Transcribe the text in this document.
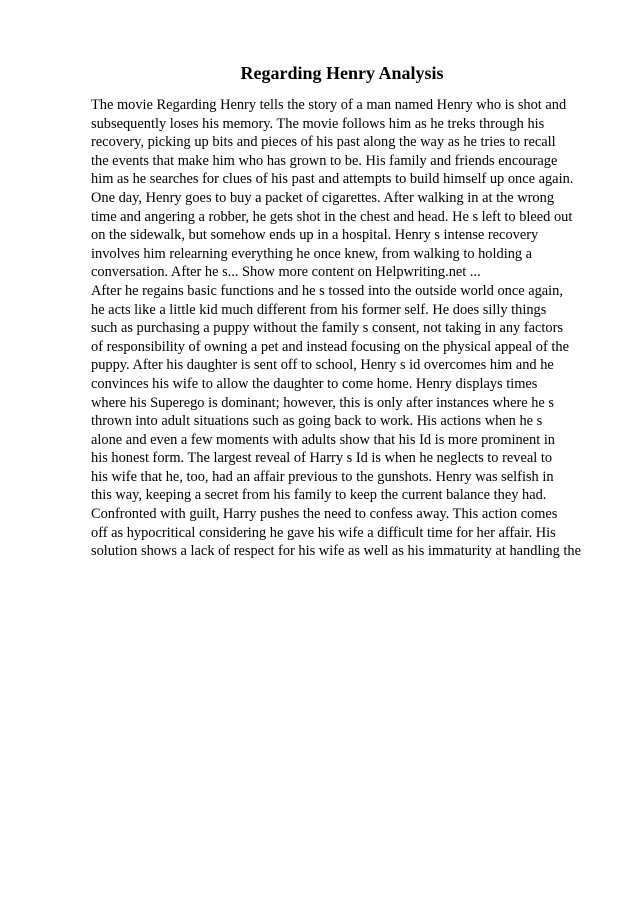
Regarding Henry Analysis
The movie Regarding Henry tells the story of a man named Henry who is shot and
subsequently loses his memory. The movie follows him as he treks through his
recovery, picking up bits and pieces of his past along the way as he tries to recall
the events that make him who has grown to be. His family and friends encourage
him as he searches for clues of his past and attempts to build himself up once again.
One day, Henry goes to buy a packet of cigarettes. After walking in at the wrong
time and angering a robber, he gets shot in the chest and head. He s left to bleed out
on the sidewalk, but somehow ends up in a hospital. Henry s intense recovery
involves him relearning everything he once knew, from walking to holding a
conversation. After he s... Show more content on Helpwriting.net ...
After he regains basic functions and he s tossed into the outside world once again,
he acts like a little kid much different from his former self. He does silly things
such as purchasing a puppy without the family s consent, not taking in any factors
of responsibility of owning a pet and instead focusing on the physical appeal of the
puppy. After his daughter is sent off to school, Henry s id overcomes him and he
convinces his wife to allow the daughter to come home. Henry displays times
where his Superego is dominant; however, this is only after instances where he s
thrown into adult situations such as going back to work. His actions when he s
alone and even a few moments with adults show that his Id is more prominent in
his honest form. The largest reveal of Harry s Id is when he neglects to reveal to
his wife that he, too, had an affair previous to the gunshots. Henry was selfish in
this way, keeping a secret from his family to keep the current balance they had.
Confronted with guilt, Harry pushes the need to confess away. This action comes
off as hypocritical considering he gave his wife a difficult time for her affair. His
solution shows a lack of respect for his wife as well as his immaturity at handling the
